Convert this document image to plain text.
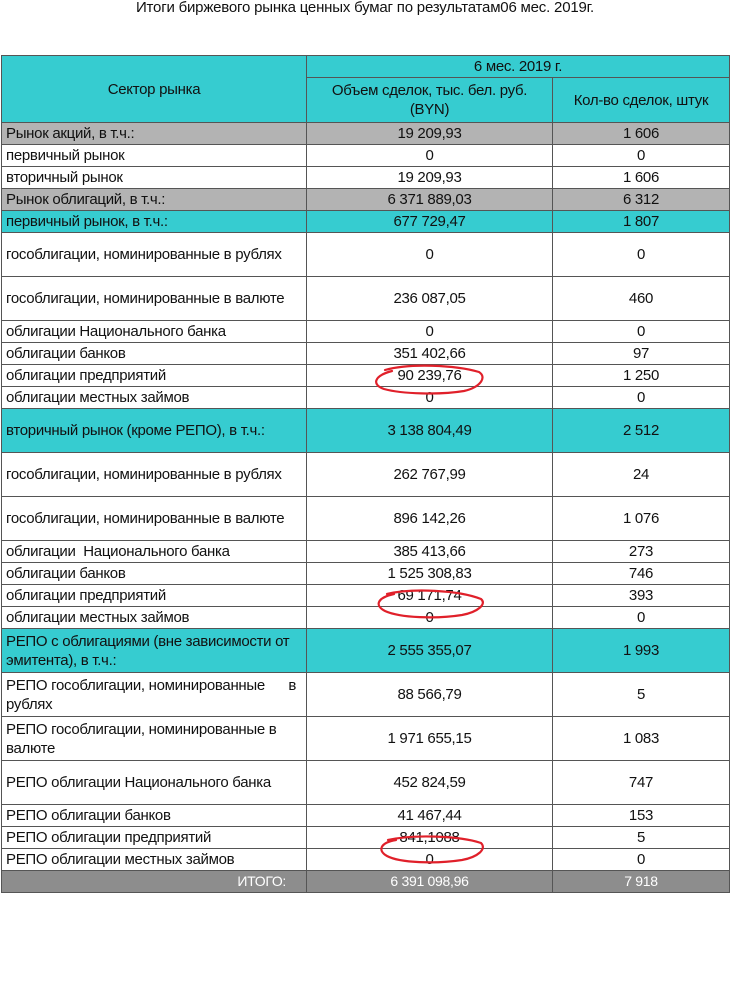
Итоги биржевого рынка ценных бумаг по результатам06 мес. 2019г.
Сектор рынка	6 мес. 2019 г.	
	Объем сделок, тыс. бел. руб. (BYN)	Кол-во сделок, штук
Рынок акций, в т.ч.:	19 209,93	1 606
первичный рынок	0	0
вторичный рынок	19 209,93	1 606
Рынок облигаций, в т.ч.:	6 371 889,03	6 312
первичный рынок, в т.ч.:	677 729,47	1 807
гособлигации, номинированные в рублях	0	0
гособлигации, номинированные в валюте	236 087,05	460
облигации Национального банка	0	0
облигации банков	351 402,66	97
облигации предприятий	90 239,76	1 250
облигации местных займов	0	0
вторичный рынок (кроме РЕПО), в т.ч.:	3 138 804,49	2 512
гособлигации, номинированные в рублях	262 767,99	24
гособлигации, номинированные в валюте	896 142,26	1 076
облигации  Национального банка	385 413,66	273
облигации банков	1 525 308,83	746
облигации предприятий	69 171,74	393
облигации местных займов	0	0
РЕПО с облигациями (вне зависимости от эмитента), в т.ч.:	2 555 355,07	1 993

РЕПО гособлигации, номинированные в
рублях	88 566,79	5
РЕПО гособлигации, номинированные в валюте	1 971 655,15	1 083
РЕПО облигации Национального банка	452 824,59	747
РЕПО облигации банков	41 467,44	153
РЕПО облигации предприятий	841,1088	5
РЕПО облигации местных займов	0	0
ИТОГО:	6 391 098,96	7 918
